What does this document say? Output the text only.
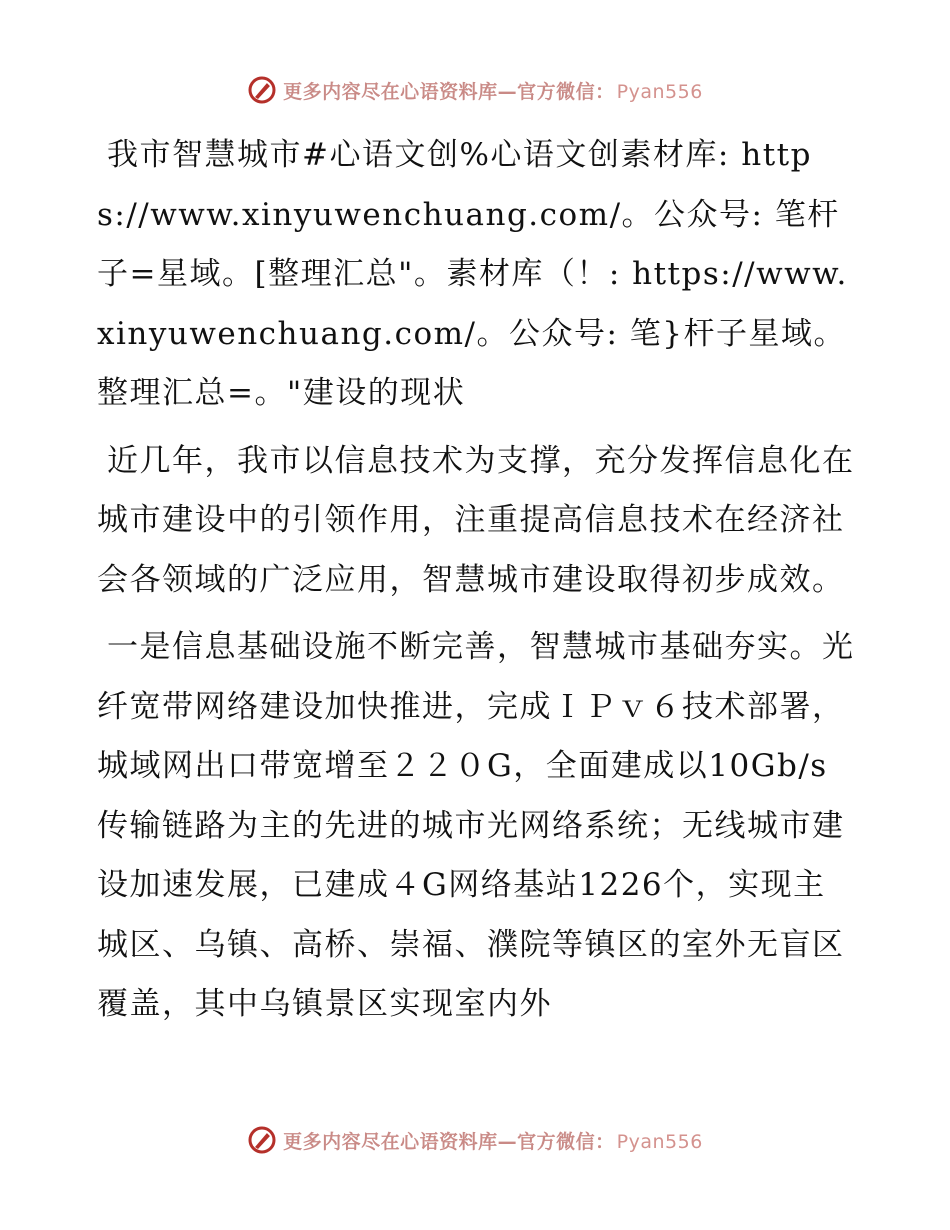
更多内容尽在心语资料库—官方微信： Pyan556

我市智慧城市#心语文创%心语文创素材库: https://www.xinyuwenchuang.com/。公众号: 笔杆子=星域。[整理汇总"。素材库（！: https://www.xinyuwenchuang.com/。公众号: 笔}杆子星域。整理汇总=。"建设的现状

近几年，我市以信息技术为支撑，充分发挥信息化在城市建设中的引领作用，注重提高信息技术在经济社会各领域的广泛应用，智慧城市建设取得初步成效。

一是信息基础设施不断完善，智慧城市基础夯实。光纤宽带网络建设加快推进，完成ＩＰｖ６技术部署，城域网出口带宽增至２２０G，全面建成以10Gb/s传输链路为主的先进的城市光网络系统；无线城市建设加速发展，已建成４G网络基站1226个，实现主城区、乌镇、高桥、崇福、濮院等镇区的室外无盲区覆盖，其中乌镇景区实现室内外

更多内容尽在心语资料库—官方微信： Pyan556
